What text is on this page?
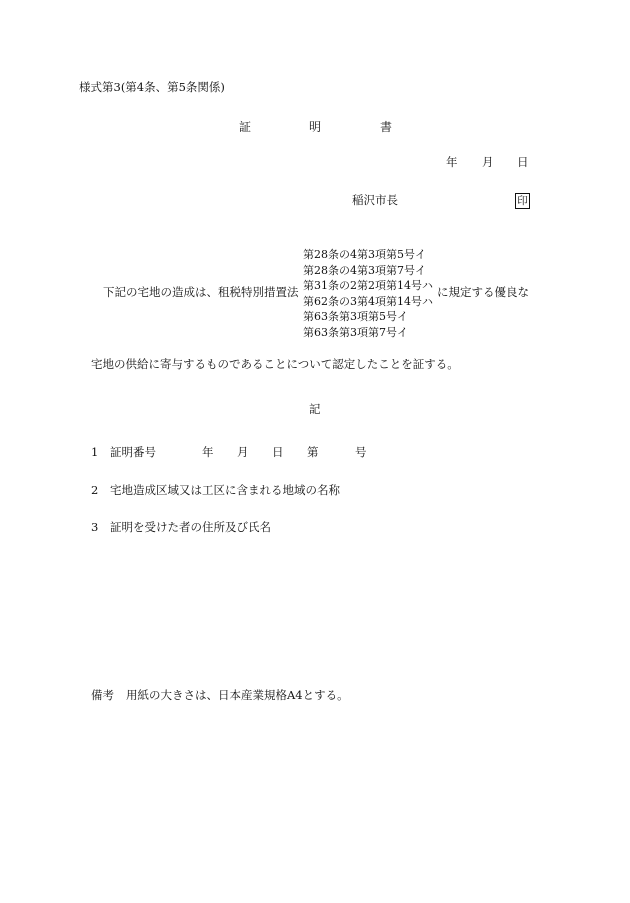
様式第3(第4条、第5条関係)
証	明	書
年 月 日
稲沢市長	印
下記の宅地の造成は、租税特別措置法
第28条の4第3項第5号イ
第28条の4第3項第7号イ
第31条の2第2項第14号ハ
第62条の3第4項第14号ハ
第63条第3項第5号イ
第63条第3項第7号イ
に規定する優良な
宅地の供給に寄与するものであることについて認定したことを証する。
記
1 証明番号	年 月 日 第	号
2 宅地造成区域又は工区に含まれる地域の名称
3 証明を受けた者の住所及び氏名
備考 用紙の大きさは、日本産業規格A4とする。
